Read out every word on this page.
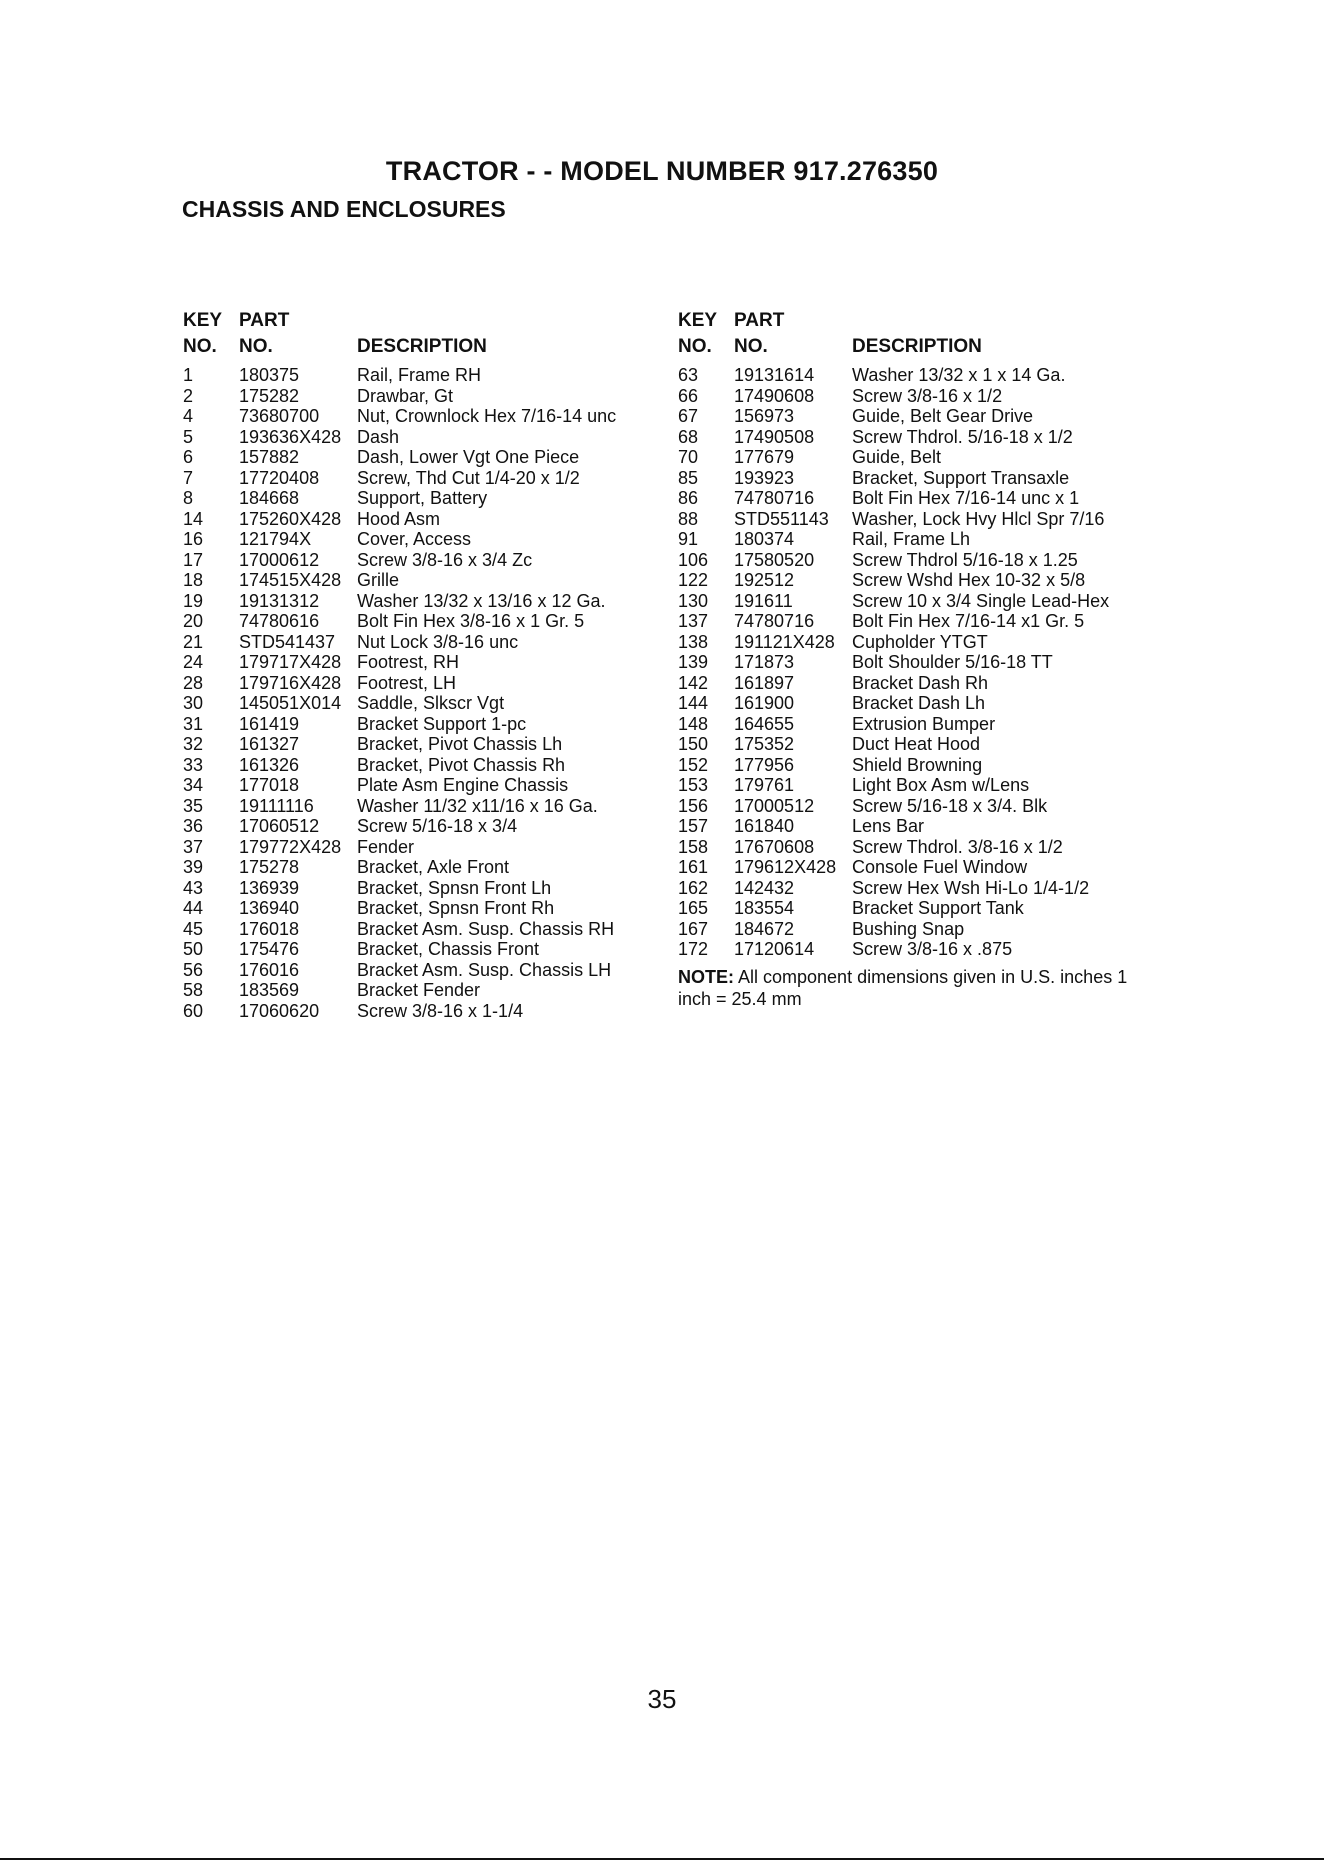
TRACTOR - - MODEL NUMBER 917.276350
CHASSIS AND ENCLOSURES
KEY
NO.
PART
NO.	DESCRIPTION
1	180375	Rail, Frame RH
2	175282	Drawbar, Gt
4	73680700 Nut, Crownlock Hex 7/16-14 unc
5	193636X428 Dash
6	157882	Dash, Lower Vgt One Piece
7	17720408 Screw, Thd Cut 1/4-20 x 1/2
8	184668	Support, Battery
14 175260X428 Hood Asm
16 121794X	Cover, Access
17 17000612 Screw 3/8-16 x 3/4 Zc
18 174515X428 Grille
19 19131312 Washer 13/32 x 13/16 x 12 Ga.
20 74780616 Bolt Fin Hex 3/8-16 x 1 Gr. 5
21 STD541437 Nut Lock 3/8-16 unc
24 179717X428 Footrest, RH
28 179716X428 Footrest, LH
30 145051X014 Saddle, Slkscr Vgt
31 161419	Bracket Support 1-pc
32 161327	Bracket, Pivot Chassis Lh
33 161326	Bracket, Pivot Chassis Rh
34 177018	Plate Asm Engine Chassis
35 19111116 Washer 11/32 x11/16 x 16 Ga.
36 17060512 Screw 5/16-18 x 3/4
37 179772X428 Fender
39 175278	Bracket, Axle Front
43 136939	Bracket, Spnsn Front Lh
44 136940	Bracket, Spnsn Front Rh
45 176018	Bracket Asm. Susp. Chassis RH
50 175476	Bracket, Chassis Front
56 176016	Bracket Asm. Susp. Chassis LH
58 183569	Bracket Fender
60 17060620 Screw 3/8-16 x 1-1/4
KEY
NO.
PART
NO.	DESCRIPTION
63 19131614 Washer 13/32 x 1 x 14 Ga.
66 17490608 Screw 3/8-16 x 1/2
67 156973	Guide, Belt Gear Drive
68 17490508 Screw Thdrol. 5/16-18 x 1/2
70 177679	Guide, Belt
85 193923	Bracket, Support Transaxle
86 74780716 Bolt Fin Hex 7/16-14 unc x 1
88 STD551143 Washer, Lock Hvy Hlcl Spr 7/16
91 180374	Rail, Frame Lh
106 17580520 Screw Thdrol 5/16-18 x 1.25
122 192512	Screw Wshd Hex 10-32 x 5/8
130 191611	Screw 10 x 3/4 Single Lead-Hex
137 74780716 Bolt Fin Hex 7/16-14 x1 Gr. 5
138 191121X428 Cupholder YTGT
139 171873	Bolt Shoulder 5/16-18 TT
142 161897	Bracket Dash Rh
144 161900	Bracket Dash Lh
148 164655	Extrusion Bumper
150 175352	Duct Heat Hood
152 177956	Shield Browning
153 179761	Light Box Asm w/Lens
156 17000512 Screw 5/16-18 x 3/4. Blk
157 161840	Lens Bar
158 17670608 Screw Thdrol. 3/8-16 x 1/2
161 179612X428 Console Fuel Window
162 142432	Screw Hex Wsh Hi-Lo 1/4-1/2
165 183554	Bracket Support Tank
167 184672	Bushing Snap
172 17120614 Screw 3/8-16 x .875
NOTE: All component dimensions given in U.S. inches 1 inch = 25.4 mm
35
